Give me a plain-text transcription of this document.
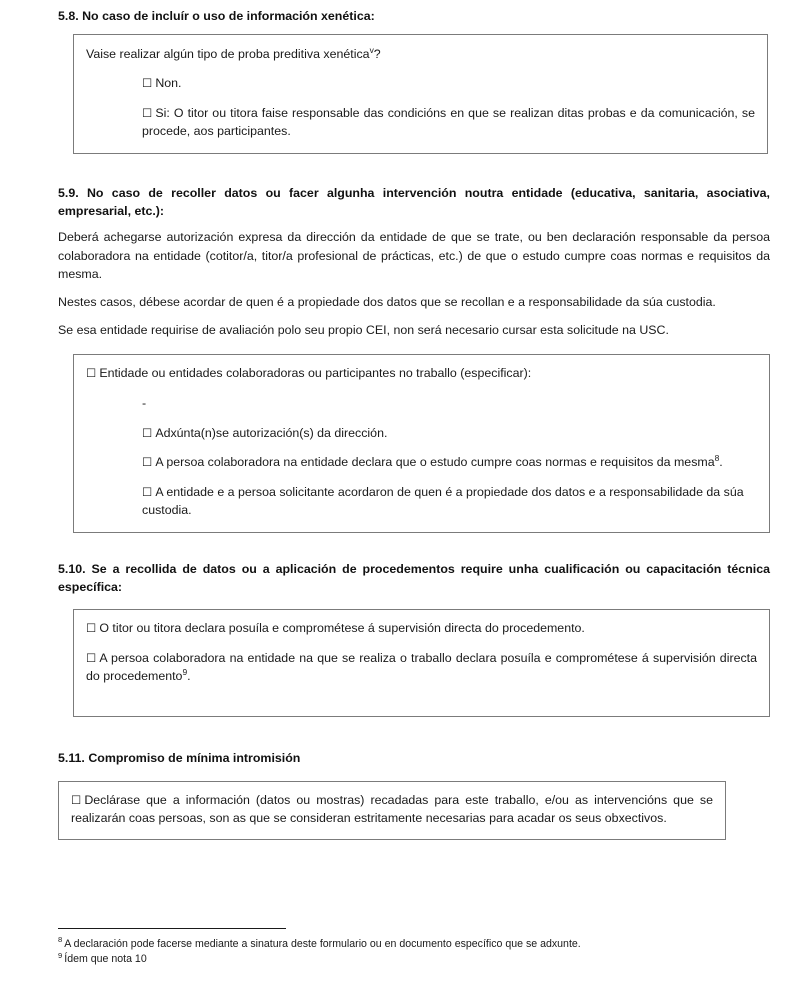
5.8. No caso de incluír o uso de información xenética:

Vaise realizar algún tipo de proba preditiva xenética$^v$?

☐ Non.

☐ Si: O titor ou titora faise responsable das condicións en que se realizan ditas probas e da comunicación, se procede, aos participantes.

5.9. No caso de recoller datos ou facer algunha intervención noutra entidade (educativa, sanitaria, asociativa, empresarial, etc.):

Deberá achegarse autorización expresa da dirección da entidade de que se trate, ou ben declaración responsable da persoa colaboradora na entidade (cotitor/a, titor/a profesional de prácticas, etc.) de que o estudo cumpre coas normas e requisitos da mesma.

Nestes casos, débese acordar de quen é a propiedade dos datos que se recollan e a responsabilidade da súa custodia.

Se esa entidade requirise de avaliación polo seu propio CEI, non será necesario cursar esta solicitude na USC.

☐ Entidade ou entidades colaboradoras ou participantes no traballo (especificar):

-

☐ Adxúnta(n)se autorización(s) da dirección.

☐ A persoa colaboradora na entidade declara que o estudo cumpre coas normas e requisitos da mesma$^8$.

☐ A entidade e a persoa solicitante acordaron de quen é a propiedade dos datos e a responsabilidade da súa custodia.

5.10. Se a recollida de datos ou a aplicación de procedementos require unha cualificación ou capacitación técnica específica:

☐ O titor ou titora declara posuíla e comprométese á supervisión directa do procedemento.

☐ A persoa colaboradora na entidade na que se realiza o traballo declara posuíla e comprométese á supervisión directa do procedemento$^9$.

5.11. Compromiso de mínima intromisión

☐ Declárase que a información (datos ou mostras) recadadas para este traballo, e/ou as intervencións que se realizarán coas persoas, son as que se consideran estritamente necesarias para acadar os seus obxectivos.

$^8$ A declaración pode facerse mediante a sinatura deste formulario ou en documento específico que se adxunte.

$^9$ Ídem que nota 10
